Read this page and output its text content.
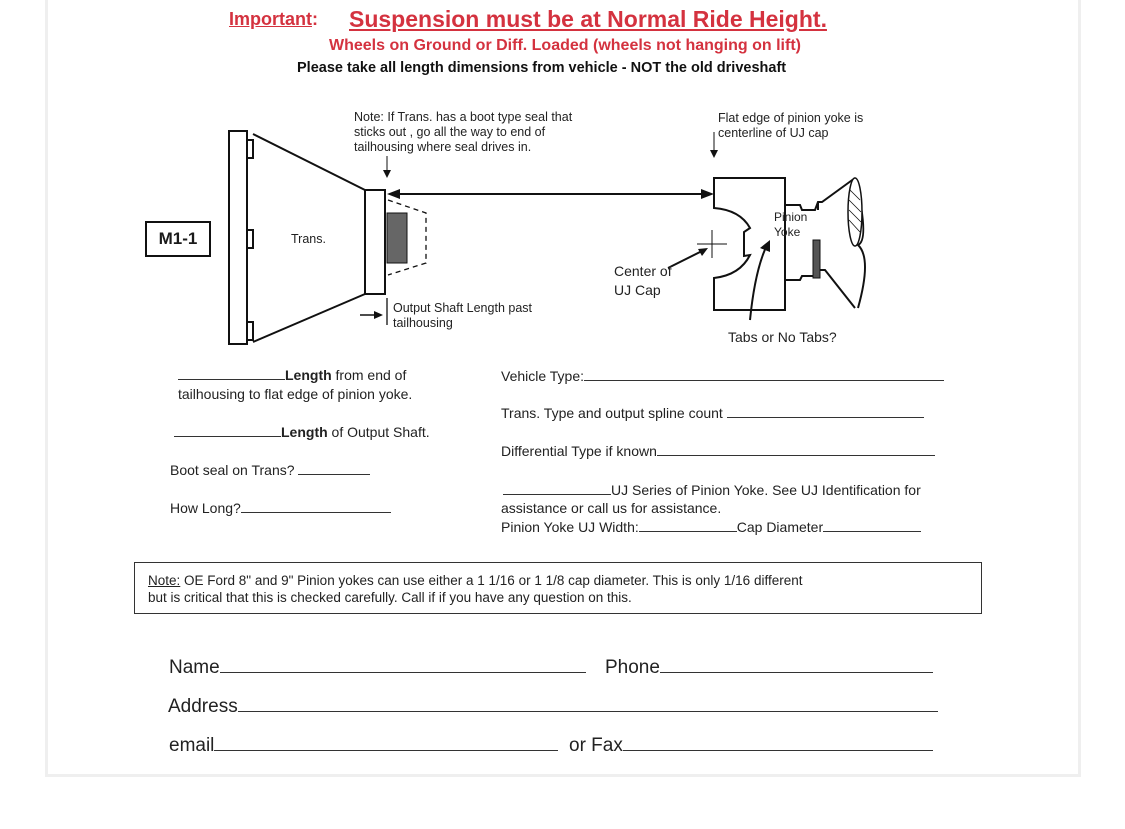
Important: Suspension must be at Normal Ride Height.
Wheels on Ground or Diff. Loaded (wheels not hanging on lift)
Please take all length dimensions from vehicle - NOT the old driveshaft
M1-1	Trans.
Note: If Trans. has a boot type seal that
sticks out , go all the way to end of
tailhousing where seal drives in.
Flat edge of pinion yoke is
centerline of UJ cap
Pinion
Yoke
Center of
UJ Cap
Output Shaft Length past
tailhousing
Tabs or No Tabs?
Length from end of
tailhousing to flat edge of pinion yoke.
Length of Output Shaft.
Boot seal on Trans?
How Long?
Vehicle Type:
Trans. Type and output spline count
Differential Type if known
UJ Series of Pinion Yoke. See UJ Identification for
assistance or call us for assistance.
Pinion Yoke UJ Width:	Cap Diameter
Note: OE Ford 8" and 9" Pinion yokes can use either a 1 1/16 or 1 1/8 cap diameter. This is only 1/16 different
but is critical that this is checked carefully. Call if if you have any question on this.
Name	Phone
Address
email	or Fax
